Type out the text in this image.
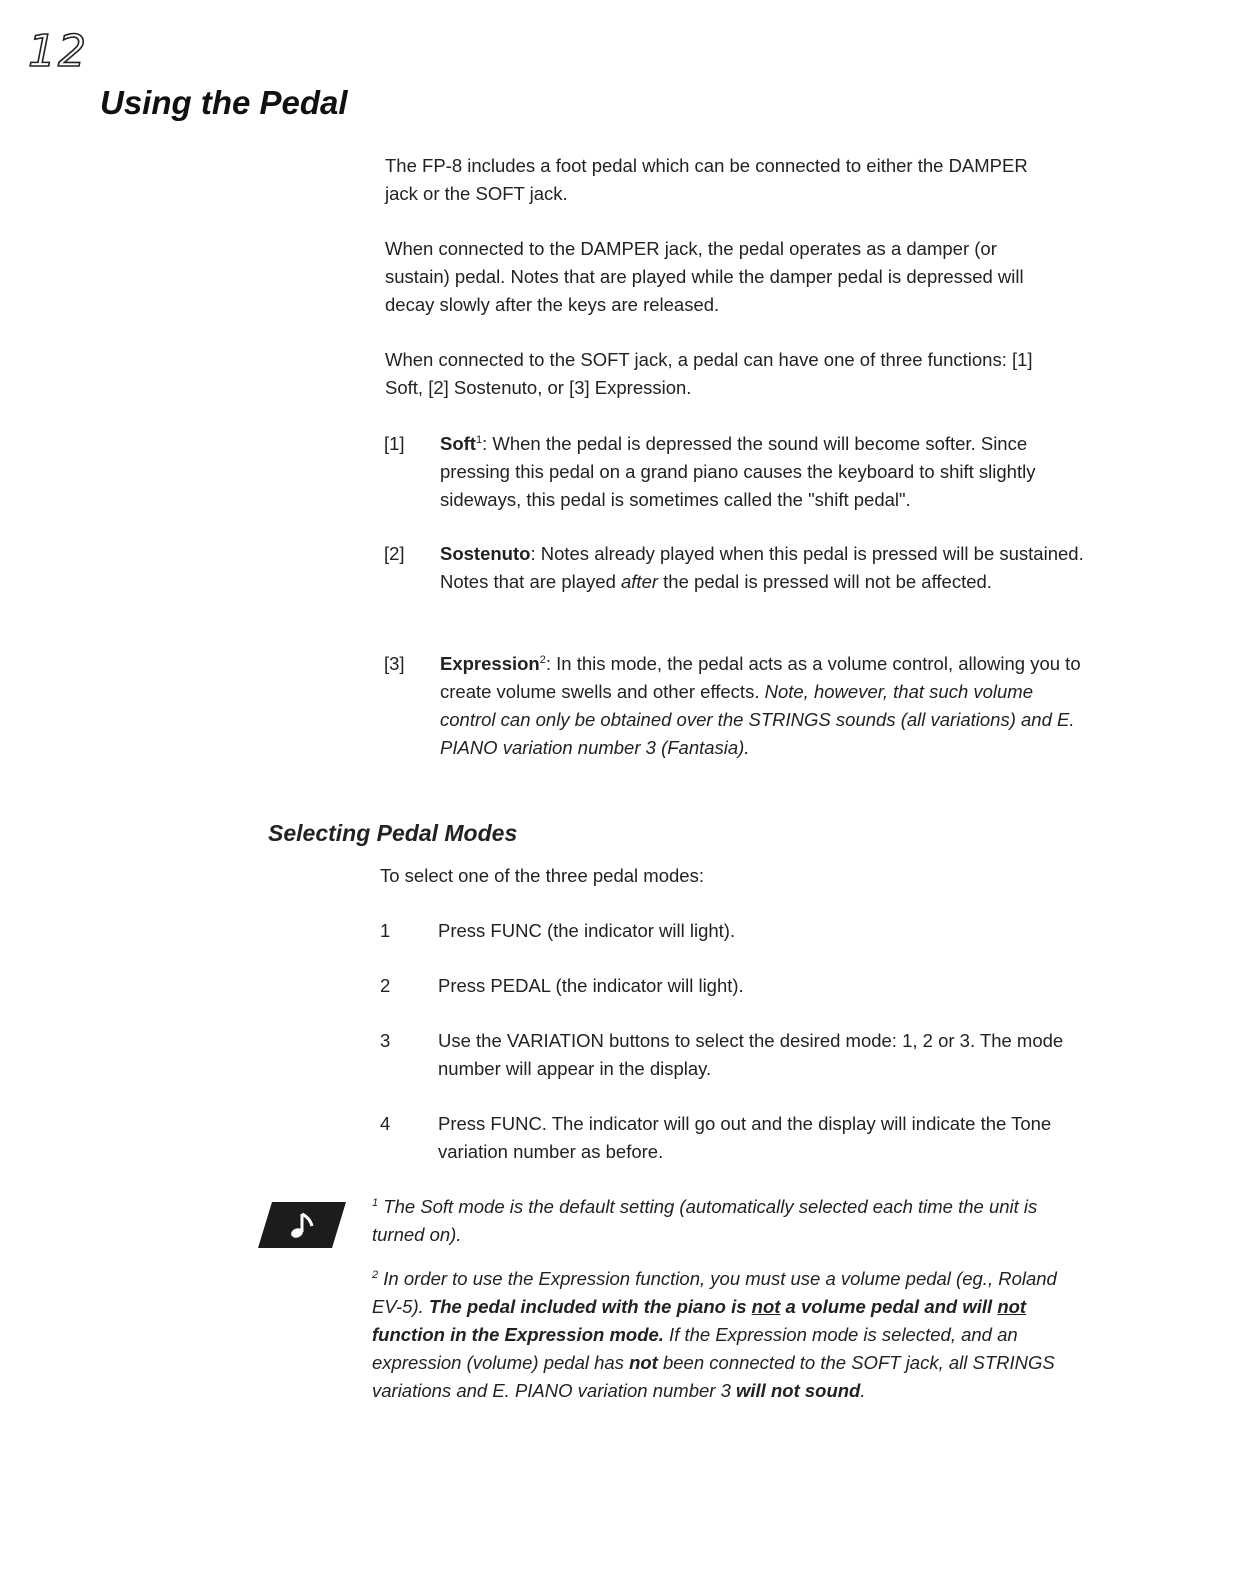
12
Using the Pedal

The FP-8 includes a foot pedal which can be connected to either the DAMPER jack or the SOFT jack.

When connected to the DAMPER jack, the pedal operates as a damper (or sustain) pedal. Notes that are played while the damper pedal is depressed will decay slowly after the keys are released.

When connected to the SOFT jack, a pedal can have one of three functions: [1] Soft, [2] Sostenuto, or [3] Expression.

[1]	Soft$^1$: When the pedal is depressed the sound will become softer. Since pressing this pedal on a grand piano causes the keyboard to shift slightly sideways, this pedal is sometimes called the "shift pedal".
[2]	Sostenuto: Notes already played when this pedal is pressed will be sustained. Notes that are played after the pedal is pressed will not be affected.
[3]	Expression$^2$: In this mode, the pedal acts as a volume control, allowing you to create volume swells and other effects. Note, however, that such volume control can only be obtained over the STRINGS sounds (all variations) and E. PIANO variation number 3 (Fantasia).
Selecting Pedal Modes

To select one of the three pedal modes:

1	Press FUNC (the indicator will light).
2	Press PEDAL (the indicator will light).
3	Use the VARIATION buttons to select the desired mode: 1, 2 or 3. The mode number will appear in the display.
4	Press FUNC. The indicator will go out and the display will indicate the Tone variation number as before.

$^1$ The Soft mode is the default setting (automatically selected each time the unit is turned on).

$^2$ In order to use the Expression function, you must use a volume pedal (eg., Roland EV-5). The pedal included with the piano is not a volume pedal and will not function in the Expression mode. If the Expression mode is selected, and an expression (volume) pedal has not been connected to the SOFT jack, all STRINGS variations and E. PIANO variation number 3 will not sound.
